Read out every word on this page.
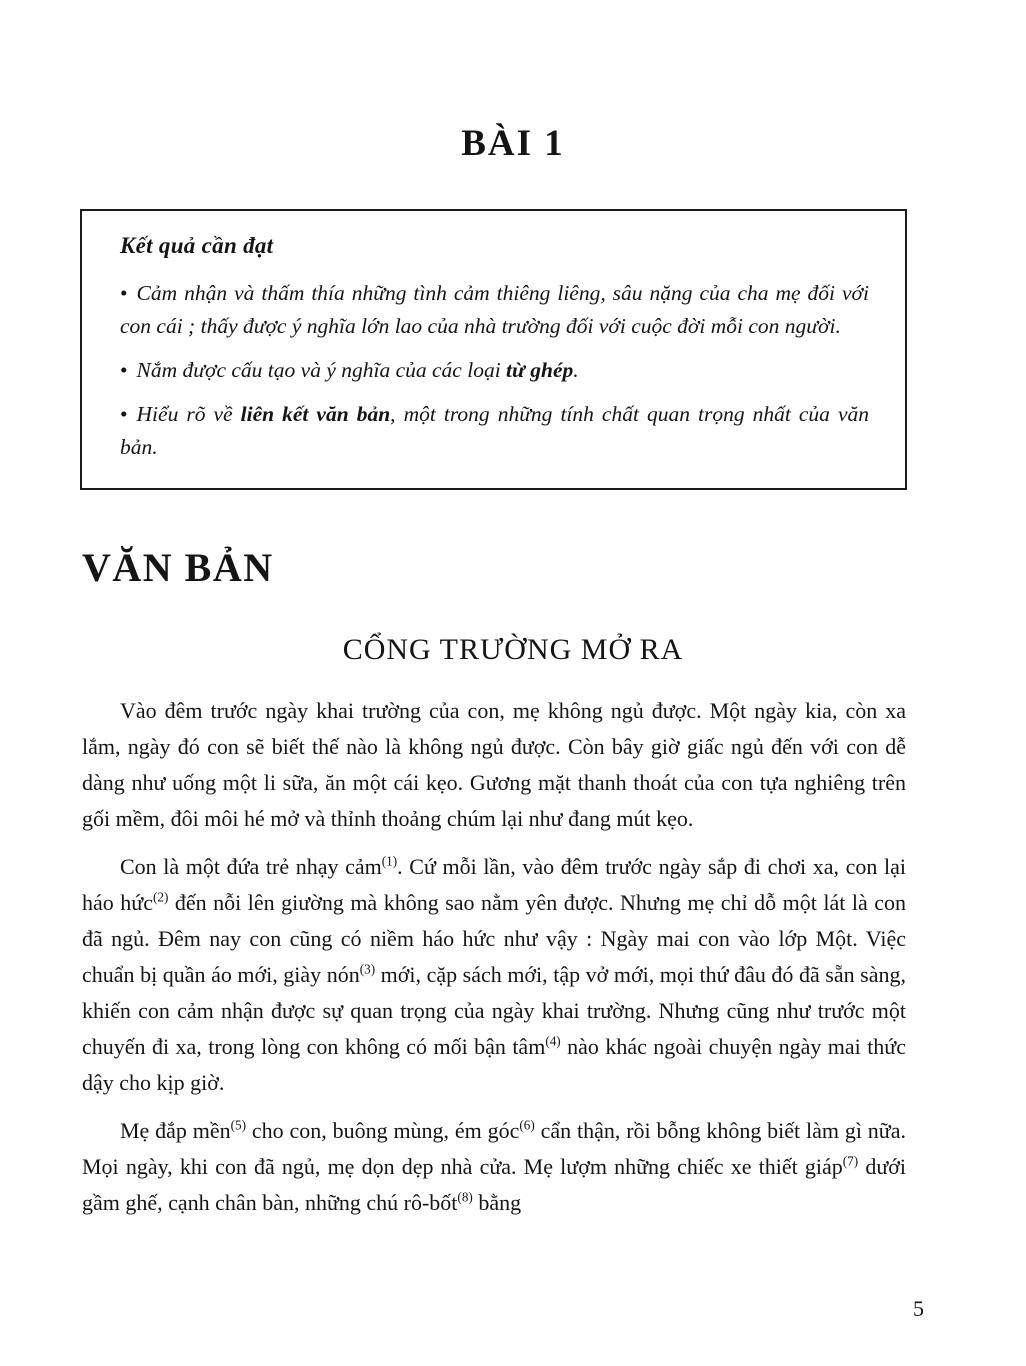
BÀI 1
Kết quả cần đạt
• Cảm nhận và thấm thía những tình cảm thiêng liêng, sâu nặng của cha mẹ đối với con cái ; thấy được ý nghĩa lớn lao của nhà trường đối với cuộc đời mỗi con người.
• Nắm được cấu tạo và ý nghĩa của các loại từ ghép.
• Hiểu rõ về liên kết văn bản, một trong những tính chất quan trọng nhất của văn bản.
VĂN BẢN
CỔNG TRƯỜNG MỞ RA

Vào đêm trước ngày khai trường của con, mẹ không ngủ được. Một ngày kia, còn xa lắm, ngày đó con sẽ biết thế nào là không ngủ được. Còn bây giờ giấc ngủ đến với con dễ dàng như uống một li sữa, ăn một cái kẹo. Gương mặt thanh thoát của con tựa nghiêng trên gối mềm, đôi môi hé mở và thỉnh thoảng chúm lại như đang mút kẹo.

Con là một đứa trẻ nhạy cảm$^{(1)}$. Cứ mỗi lần, vào đêm trước ngày sắp đi chơi xa, con lại háo hức$^{(2)}$ đến nỗi lên giường mà không sao nằm yên được. Nhưng mẹ chỉ dỗ một lát là con đã ngủ. Đêm nay con cũng có niềm háo hức như vậy : Ngày mai con vào lớp Một. Việc chuẩn bị quần áo mới, giày nón$^{(3)}$ mới, cặp sách mới, tập vở mới, mọi thứ đâu đó đã sẵn sàng, khiến con cảm nhận được sự quan trọng của ngày khai trường. Nhưng cũng như trước một chuyến đi xa, trong lòng con không có mối bận tâm$^{(4)}$ nào khác ngoài chuyện ngày mai thức dậy cho kịp giờ.

Mẹ đắp mền$^{(5)}$ cho con, buông mùng, ém góc$^{(6)}$ cẩn thận, rồi bỗng không biết làm gì nữa. Mọi ngày, khi con đã ngủ, mẹ dọn dẹp nhà cửa. Mẹ lượm những chiếc xe thiết giáp$^{(7)}$ dưới gầm ghế, cạnh chân bàn, những chú rô-bốt$^{(8)}$ bằng

5
